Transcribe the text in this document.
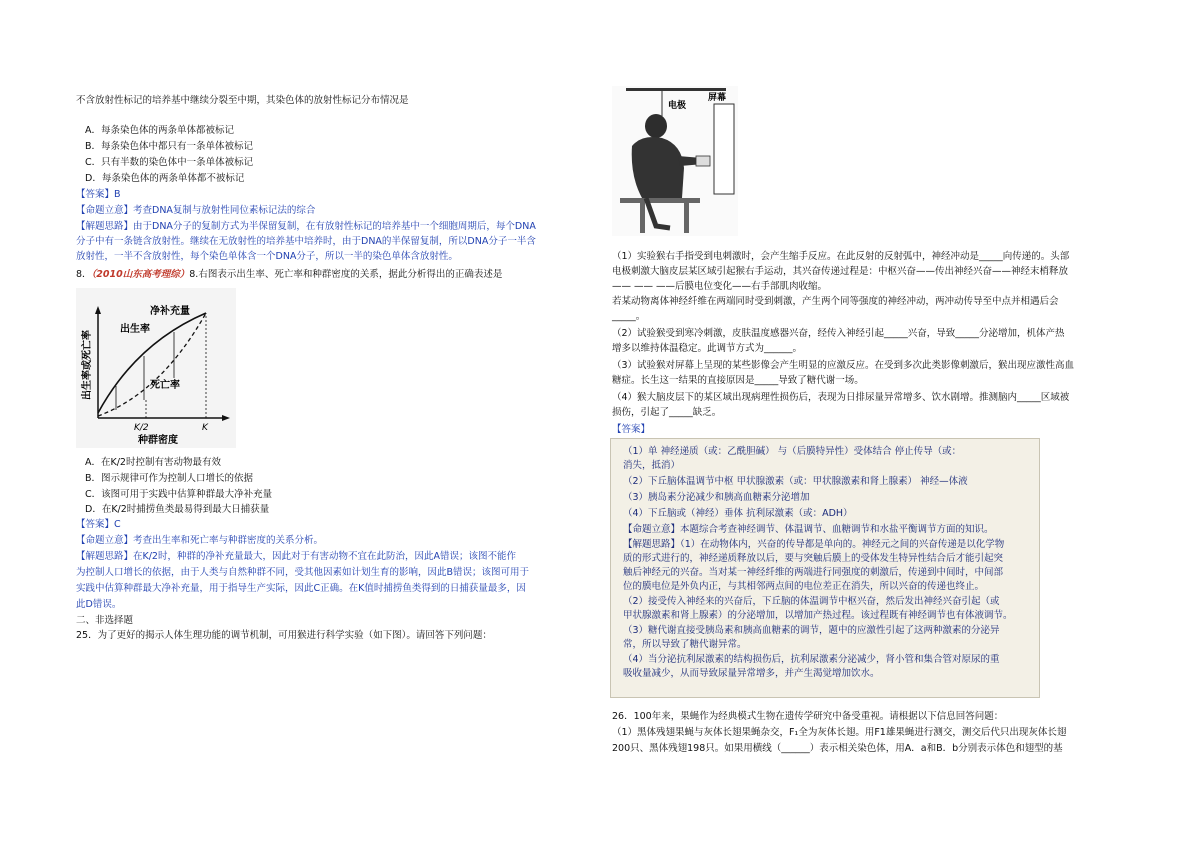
不含放射性标记的培养基中继续分裂至中期，其染色体的放射性标记分布情况是
A．每条染色体的两条单体都被标记
B．每条染色体中都只有一条单体被标记
C．只有半数的染色体中一条单体被标记
D．每条染色体的两条单体都不被标记
【答案】B
【命题立意】考查DNA复制与放射性同位素标记法的综合
【解题思路】由于DNA分子的复制方式为半保留复制，在有放射性标记的培养基中一个细胞周期后，每个DNA
分子中有一条链含放射性。继续在无放射性的培养基中培养时，由于DNA的半保留复制，所以DNA分子一半含
放射性，一半不含放射性，每个染色单体含一个DNA分子，所以一半的染色单体含放射性。
8．（2010山东高考理综）8.右图表示出生率、死亡率和种群密度的关系，据此分析得出的正确表述是
净补充量
出生率
死亡率
K/2	K
种群密度
出生率或死亡率
A．在K/2时控制有害动物最有效
B．图示规律可作为控制人口增长的依据
C．该图可用于实践中估算种群最大净补充量
D．在K/2时捕捞鱼类最易得到最大日捕获量
【答案】C
【命题立意】考查出生率和死亡率与种群密度的关系分析。
【解题思路】在K/2时，种群的净补充量最大，因此对于有害动物不宜在此防治，因此A错误；该图不能作
为控制人口增长的依据，由于人类与自然种群不同，受其他因素如计划生育的影响，因此B错误；该图可用于
实践中估算种群最大净补充量，用于指导生产实际，因此C正确。在K值时捕捞鱼类得到的日捕获量最多，因
此D错误。
二、非选择题
25．为了更好的揭示人体生理功能的调节机制，可用猴进行科学实验（如下图）。请回答下列问题：
电极
屏幕
（1）实验猴右手指受到电刺激时，会产生缩手反应。在此反射的反射弧中，神经冲动是_____向传递的。头部
电极刺激大脑皮层某区域引起猴右手运动，其兴奋传递过程是：中枢兴奋——传出神经兴奋——神经末梢释放
—— —— ——后膜电位变化——右手部肌肉收缩。
若某动物离体神经纤维在两端同时受到刺激，产生两个同等强度的神经冲动，两冲动传导至中点并相遇后会
_____。
（2）试验猴受到寒冷刺激，皮肤温度感器兴奋，经传入神经引起_____兴奋，导致_____分泌增加，机体产热
增多以维持体温稳定。此调节方式为______。
（3）试验猴对屏幕上呈现的某些影像会产生明显的应激反应。在受到多次此类影像刺激后，猴出现应激性高血
糖症。长生这一结果的直接原因是_____导致了糖代谢一场。
（4）猴大脑皮层下的某区域出现病理性损伤后，表现为日排尿量异常增多、饮水剧增。推测脑内_____区域被
损伤，引起了_____缺乏。
【答案】
（1）单 神经递质（或：乙酰胆碱） 与（后膜特异性）受体结合 停止传导（或：
消失，抵消）
（2）下丘脑体温调节中枢 甲状腺激素（或：甲状腺激素和肾上腺素） 神经—体液
（3）胰岛素分泌减少和胰高血糖素分泌增加
（4）下丘脑或（神经）垂体 抗利尿激素（或：ADH）
【命题立意】本题综合考查神经调节、体温调节、血糖调节和水盐平衡调节方面的知识。
【解题思路】（1）在动物体内，兴奋的传导都是单向的。神经元之间的兴奋传递是以化学物
质的形式进行的，神经递质释放以后，要与突触后膜上的受体发生特异性结合后才能引起突
触后神经元的兴奋。当对某一神经纤维的两端进行同强度的刺激后，传递到中间时，中间部
位的膜电位是外负内正，与其相邻两点间的电位差正在消失，所以兴奋的传递也终止。
（2）接受传入神经来的兴奋后，下丘脑的体温调节中枢兴奋，然后发出神经兴奋引起（或
甲状腺激素和肾上腺素）的分泌增加，以增加产热过程。该过程既有神经调节也有体液调节。
（3）糖代谢直接受胰岛素和胰高血糖素的调节，题中的应激性引起了这两种激素的分泌异
常，所以导致了糖代谢异常。
（4）当分泌抗利尿激素的结构损伤后，抗利尿激素分泌减少，肾小管和集合管对原尿的重
吸收量减少，从而导致尿量异常增多，并产生渴觉增加饮水。
26．100年来，果蝇作为经典模式生物在遗传学研究中备受重视。请根据以下信息回答问题：
（1）黑体残翅果蝇与灰体长翅果蝇杂交，F₁全为灰体长翅。用F1雄果蝇进行测交，测交后代只出现灰体长翅
200只、黑体残翅198只。如果用横线（______）表示相关染色体，用A．a和B．b分别表示体色和翅型的基
